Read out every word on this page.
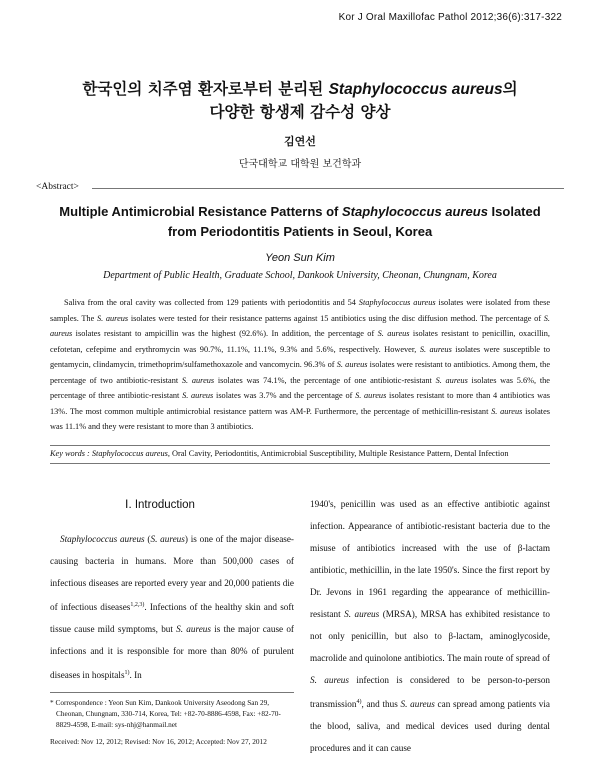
Kor J Oral Maxillofac Pathol 2012;36(6):317-322
한국인의 치주염 환자로부터 분리된 Staphylococcus aureus의
다양한 항생제 감수성 양상
김연선
단국대학교 대학원 보건학과
<Abstract>
Multiple Antimicrobial Resistance Patterns of Staphylococcus aureus Isolated
from Periodontitis Patients in Seoul, Korea
Yeon Sun Kim
Department of Public Health, Graduate School, Dankook University, Cheonan, Chungnam, Korea

Saliva from the oral cavity was collected from 129 patients with periodontitis and 54 Staphylococcus aureus isolates were isolated from these samples. The S. aureus isolates were tested for their resistance patterns against 15 antibiotics using the disc diffusion method. The percentage of S. aureus isolates resistant to ampicillin was the highest (92.6%). In addition, the percentage of S. aureus isolates resistant to penicillin, oxacillin, cefotetan, cefepime and erythromycin was 90.7%, 11.1%, 11.1%, 9.3% and 5.6%, respectively. However, S. aureus isolates were susceptible to gentamycin, clindamycin, trimethoprim/sulfamethoxazole and vancomycin. 96.3% of S. aureus isolates were resistant to antibiotics. Among them, the percentage of two antibiotic-resistant S. aureus isolates was 74.1%, the percentage of one antibiotic-resistant S. aureus isolates was 5.6%, the percentage of three antibiotic-resistant S. aureus isolates was 3.7% and the percentage of S. aureus isolates resistant to more than 4 antibiotics was 13%. The most common multiple antimicrobial resistance pattern was AM-P. Furthermore, the percentage of methicillin-resistant S. aureus isolates was 11.1% and they were resistant to more than 3 antibiotics.

Key words : Staphylococcus aureus, Oral Cavity, Periodontitis, Antimicrobial Susceptibility, Multiple Resistance Pattern, Dental Infection
Ⅰ. Introduction

Staphylococcus aureus (S. aureus) is one of the major disease-causing bacteria in humans. More than 500,000 cases of infectious diseases are reported every year and 20,000 patients die of infectious diseases$^{1,2,3)}$. Infections of the healthy skin and soft tissue cause mild symptoms, but S. aureus is the major cause of infections and it is responsible for more than 80% of purulent diseases in hospitals$^{1)}$. In

* Correspondence : Yeon Sun Kim, Dankook University Aseodong San 29, Cheonan, Chungnam, 330-714, Korea, Tel: +82-70-8886-4598, Fax: +82-70-8829-4598, E-mail: sys-nhj@hanmail.net
Received: Nov 12, 2012; Revised: Nov 16, 2012; Accepted: Nov 27, 2012

1940's, penicillin was used as an effective antibiotic against infection. Appearance of antibiotic-resistant bacteria due to the misuse of antibiotics increased with the use of β-lactam antibiotic, methicillin, in the late 1950's. Since the first report by Dr. Jevons in 1961 regarding the appearance of methicillin-resistant S. aureus (MRSA), MRSA has exhibited resistance to not only penicillin, but also to β-lactam, aminoglycoside, macrolide and quinolone antibiotics. The main route of spread of S. aureus infection is considered to be person-to-person transmission$^{4)}$, and thus S. aureus can spread among patients via the blood, saliva, and medical devices used during dental procedures and it can cause
